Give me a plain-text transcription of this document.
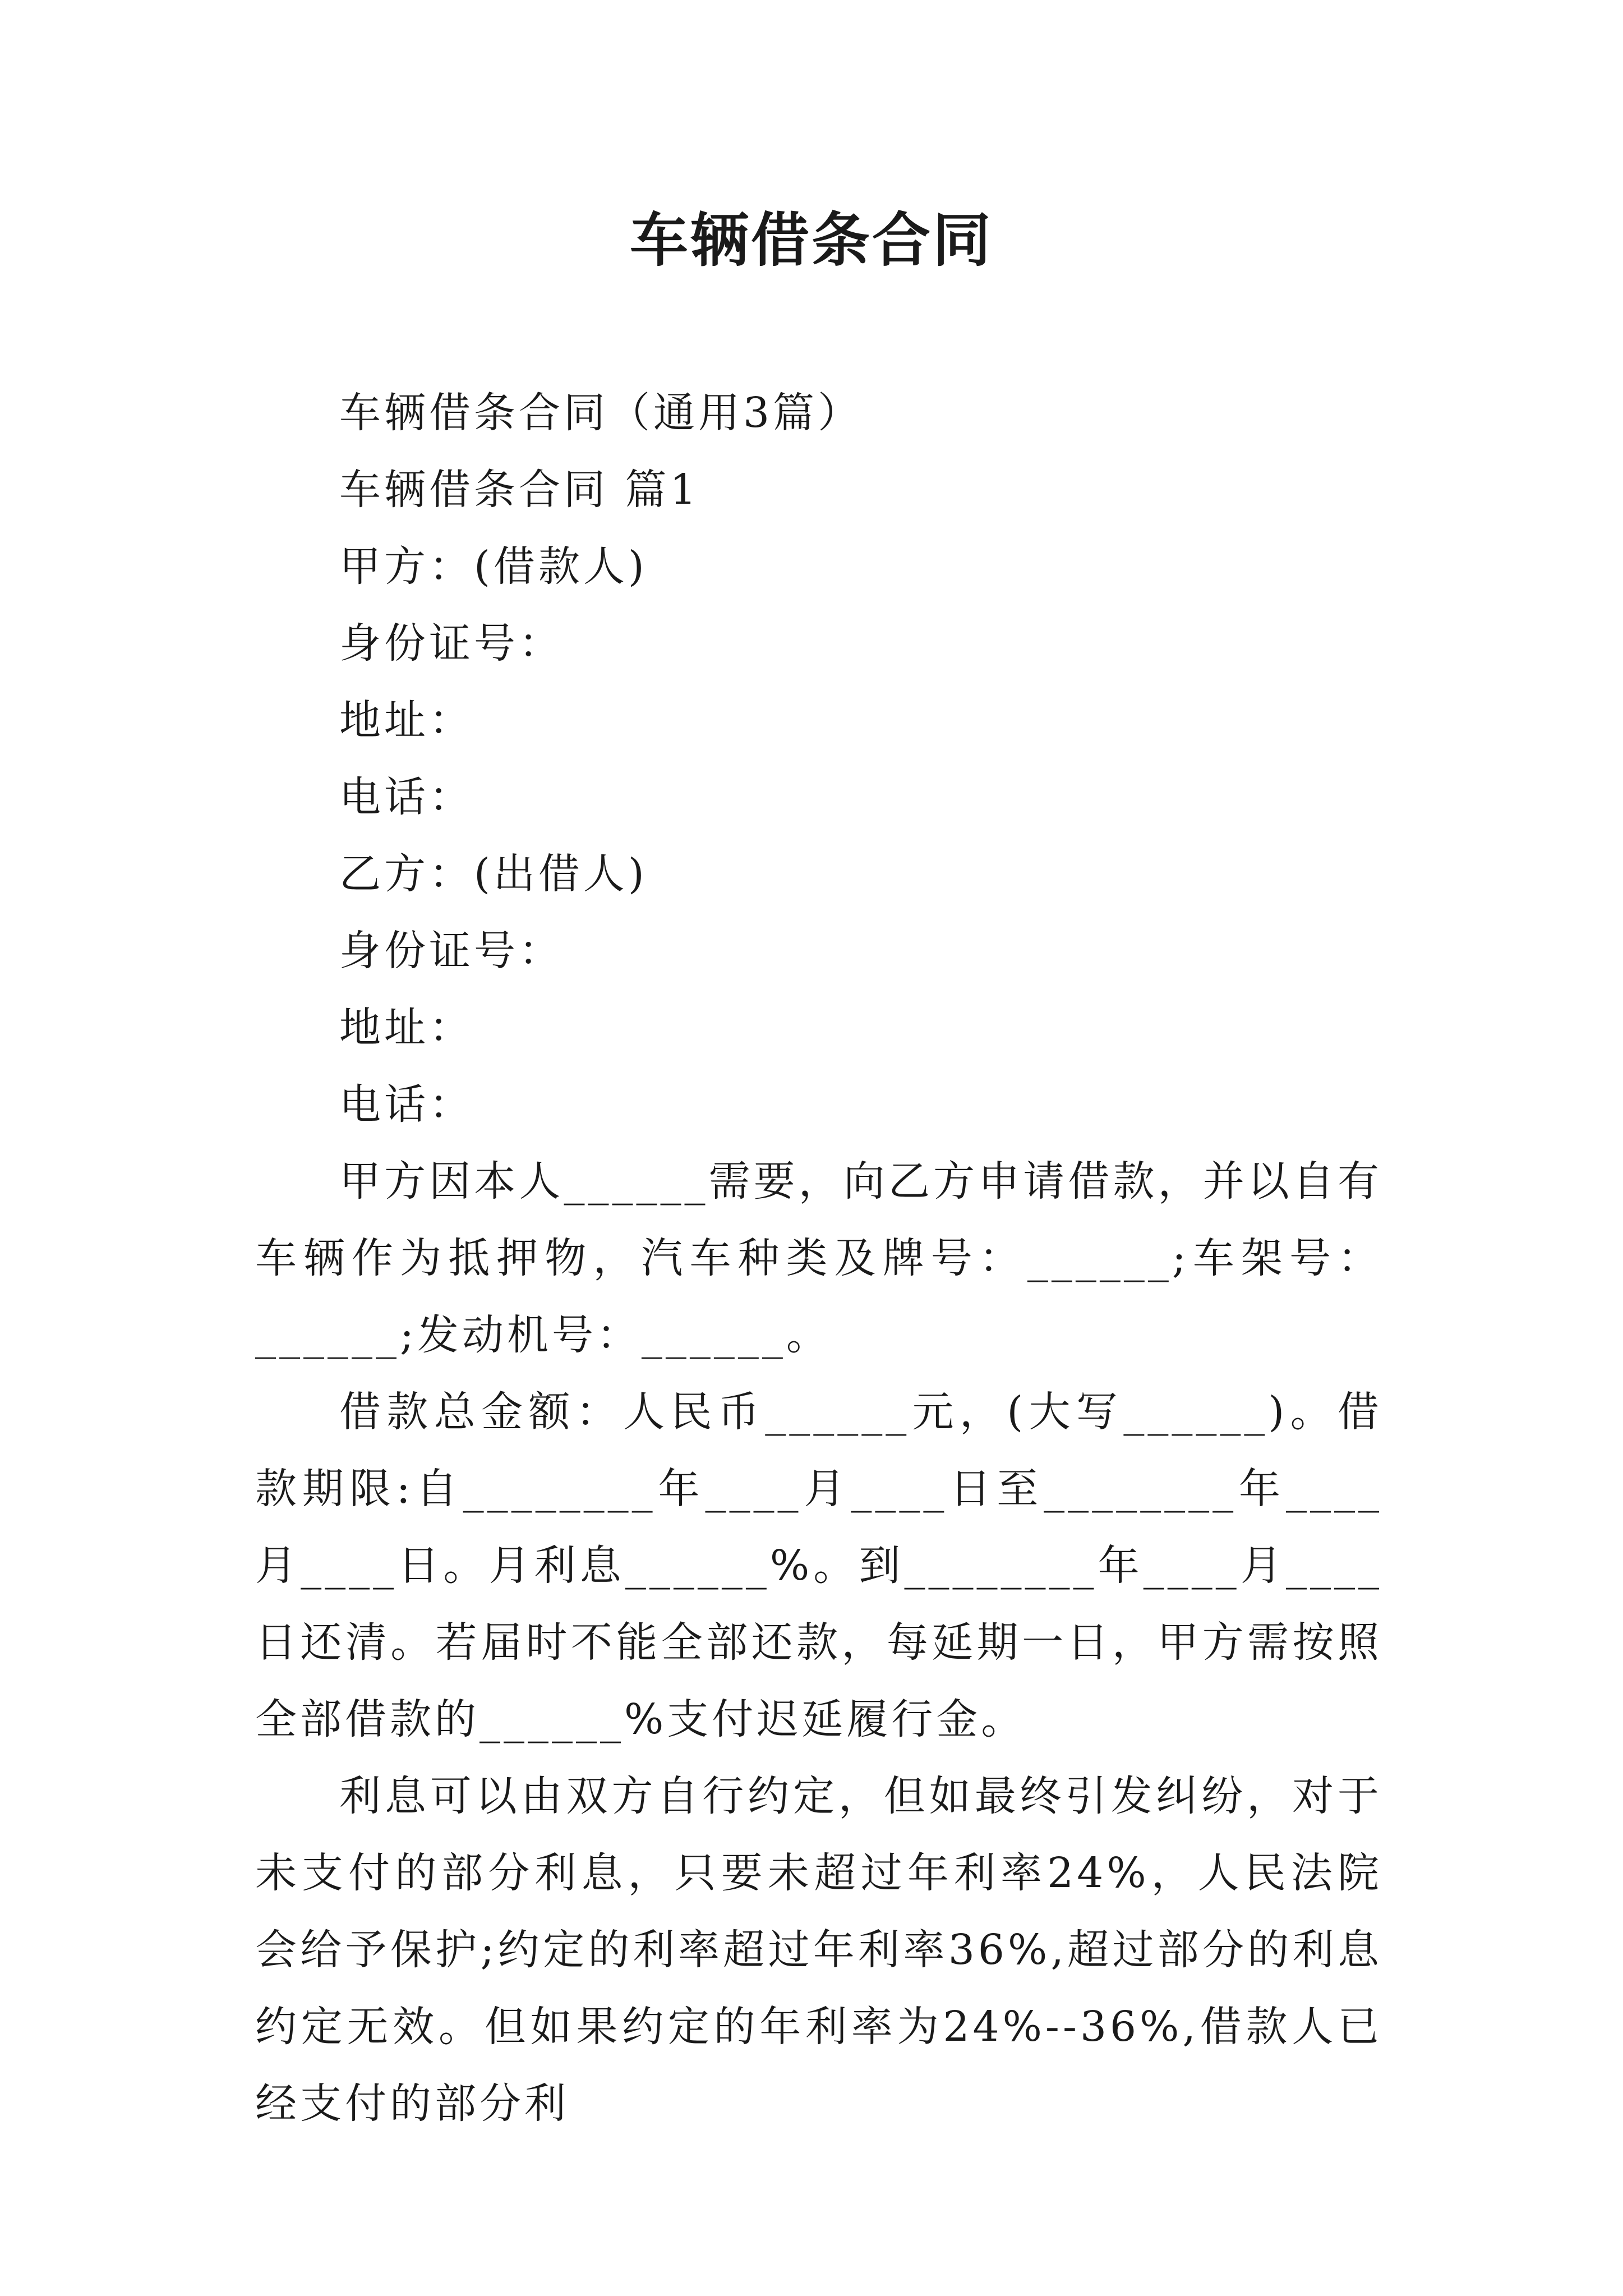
车辆借条合同

车辆借条合同（通用3篇）

车辆借条合同 篇1

甲方：(借款人)

身份证号：

地址：

电话：

乙方：(出借人)

身份证号：

地址：

电话：

甲方因本人______需要，向乙方申请借款，并以自有车辆作为抵押物，汽车种类及牌号：______;车架号：______;发动机号：______。

借款总金额：人民币______元，(大写______)。借款期限:自________年____月____日至________年____月____日。月利息______%。到________年____月____日还清。若届时不能全部还款，每延期一日，甲方需按照全部借款的______%支付迟延履行金。

利息可以由双方自行约定，但如最终引发纠纷，对于未支付的部分利息，只要未超过年利率24%，人民法院会给予保护;约定的利率超过年利率36%,超过部分的利息约定无效。但如果约定的年利率为24%--36%,借款人已经支付的部分利
